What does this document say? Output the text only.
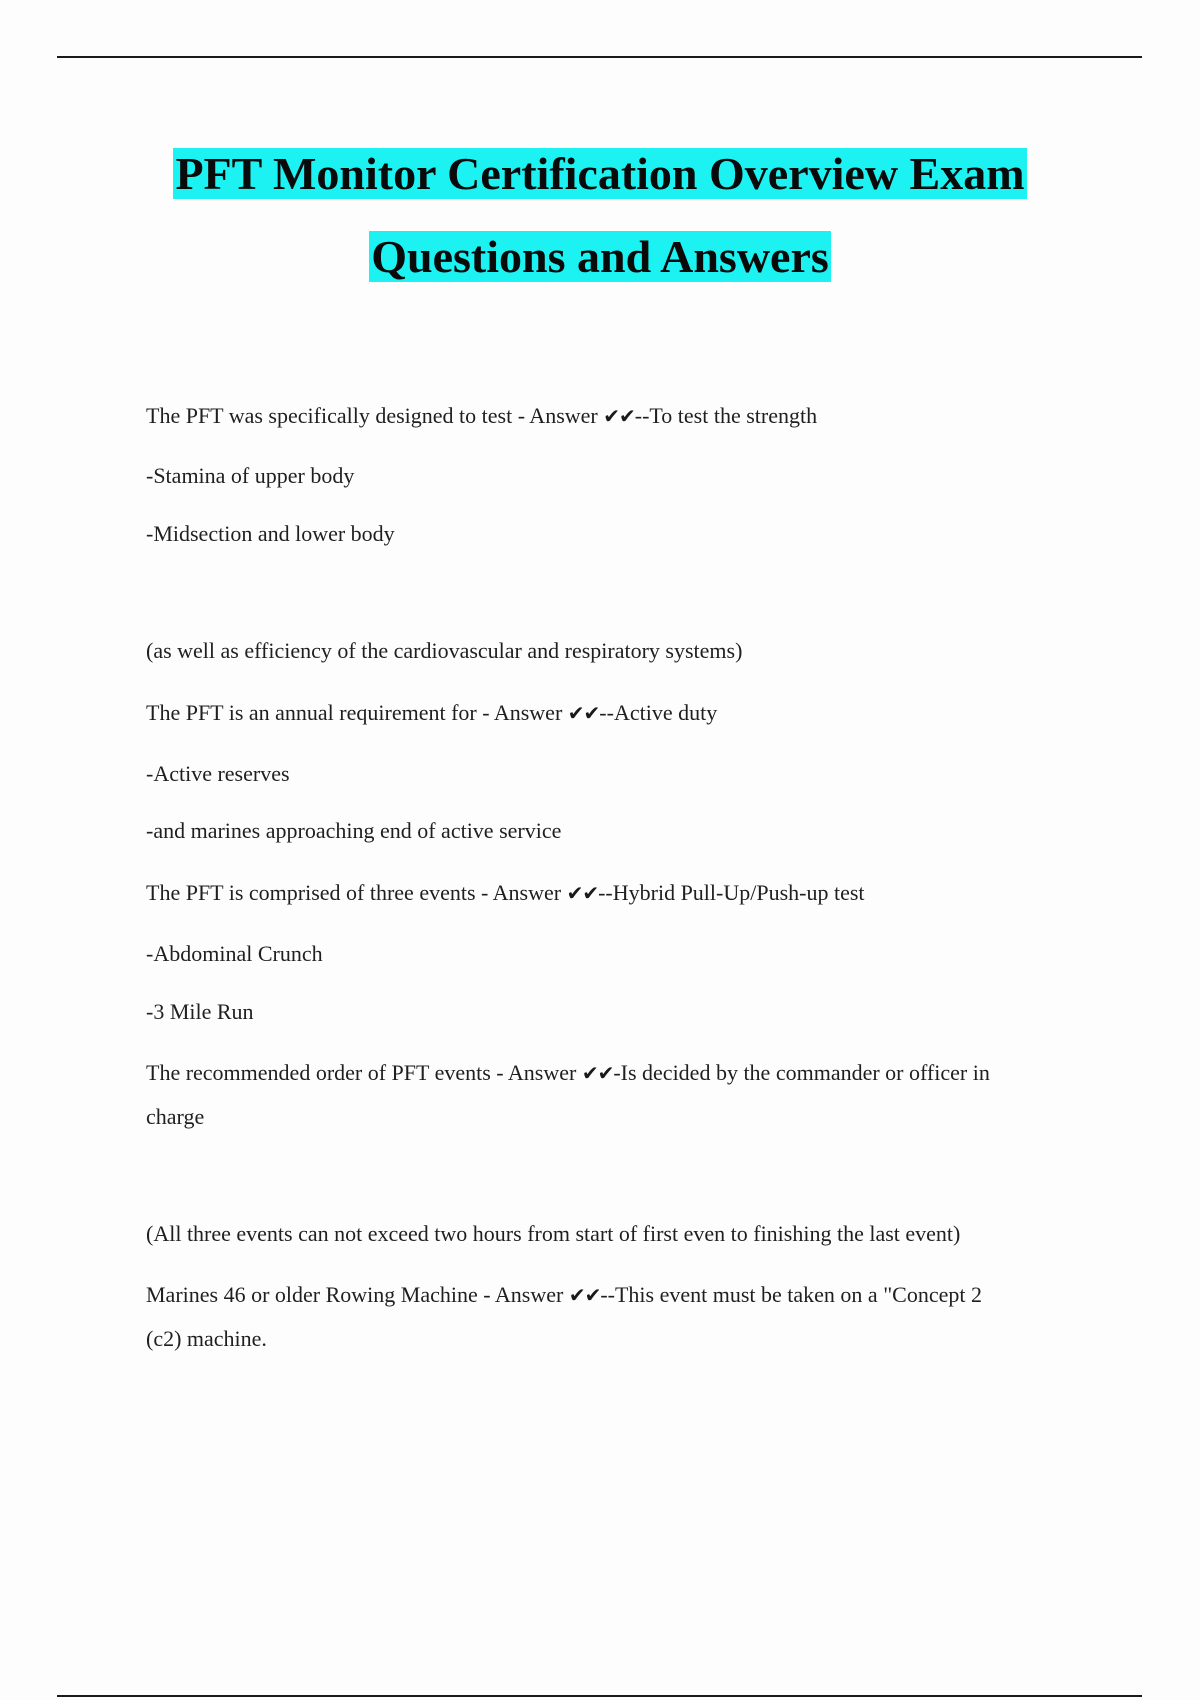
PFT Monitor Certification Overview Exam
Questions and Answers
The PFT was specifically designed to test - Answer ✔✔--To test the strength
-Stamina of upper body
-Midsection and lower body
(as well as efficiency of the cardiovascular and respiratory systems)
The PFT is an annual requirement for - Answer ✔✔--Active duty
-Active reserves
-and marines approaching end of active service
The PFT is comprised of three events - Answer ✔✔--Hybrid Pull-Up/Push-up test
-Abdominal Crunch
-3 Mile Run
The recommended order of PFT events - Answer ✔✔-Is decided by the commander or officer in
charge
(All three events can not exceed two hours from start of first even to finishing the last event)
Marines 46 or older Rowing Machine - Answer ✔✔--This event must be taken on a "Concept 2
(c2) machine.
